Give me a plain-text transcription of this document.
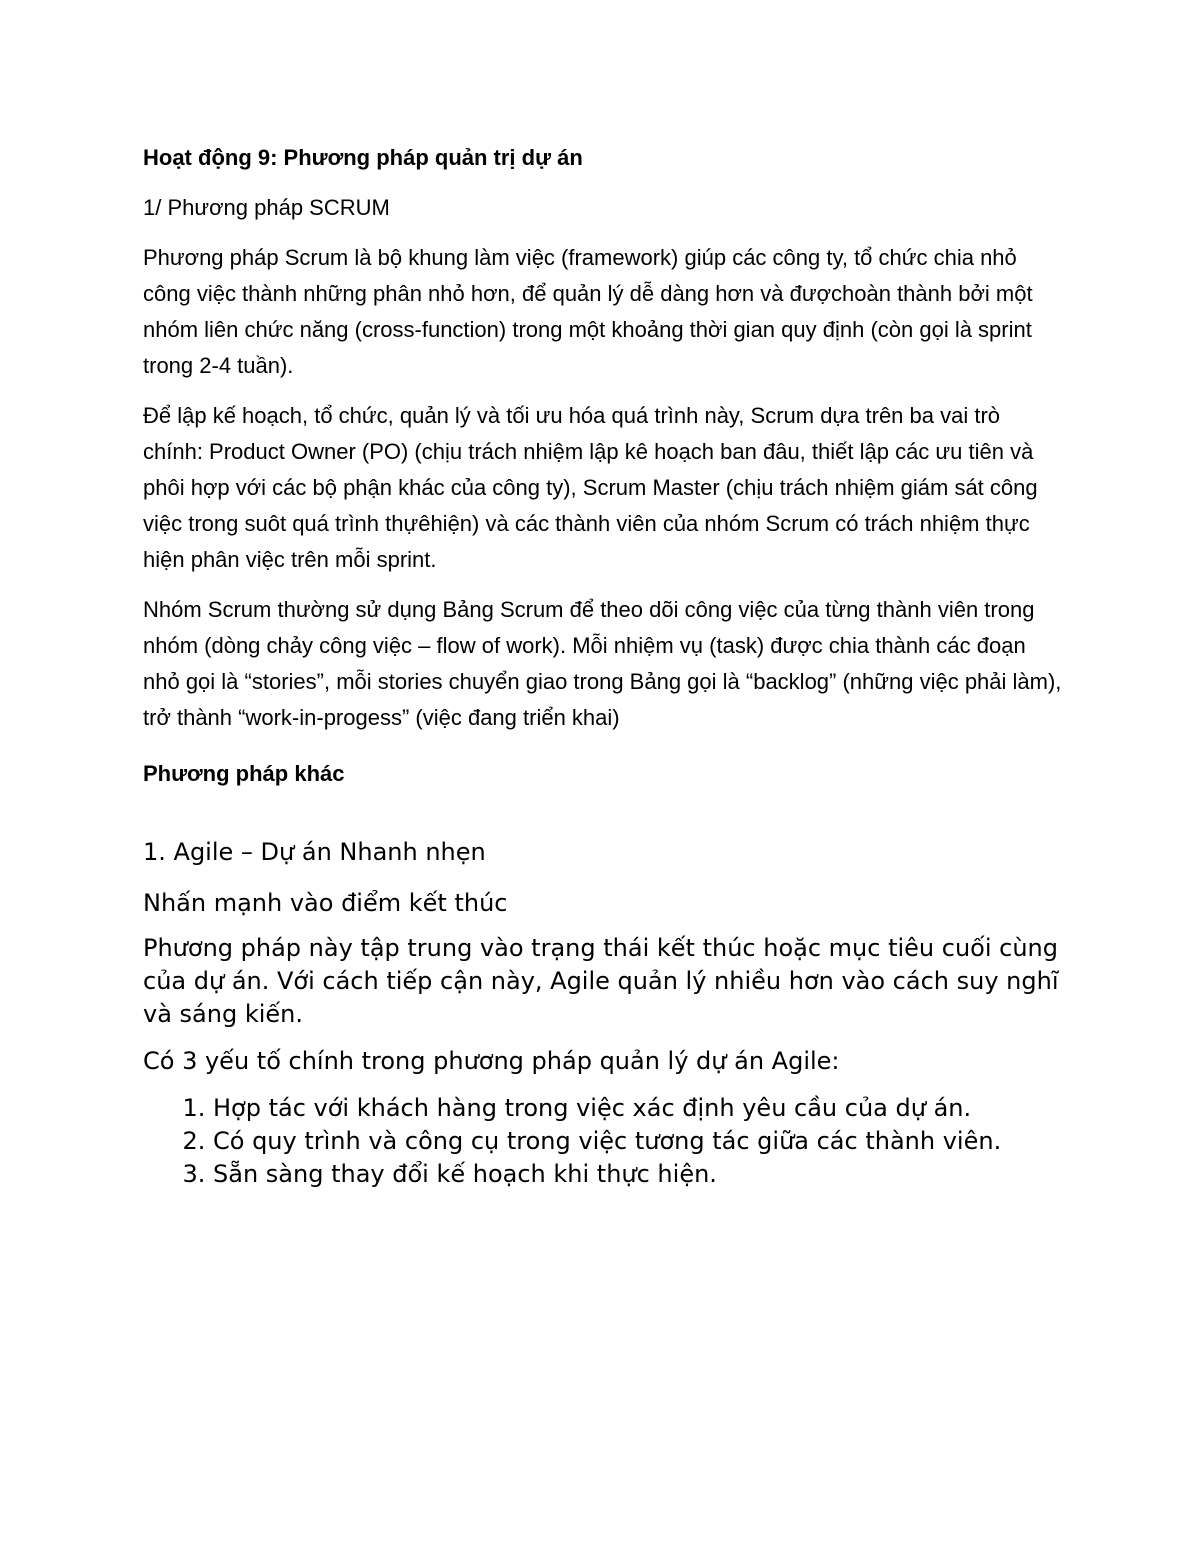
Hoạt động 9: Phương pháp quản trị dự án
1/ Phương pháp SCRUM
Phương pháp Scrum là bộ khung làm việc (framework) giúp các công ty, tổ chức chia nhỏ công việc thành những phân nhỏ hơn, để quản lý dễ dàng hơn và đượchoàn thành bởi một nhóm liên chức năng (cross-function) trong một khoảng thời gian quy định (còn gọi là sprint trong 2-4 tuần).
Để lập kế hoạch, tổ chức, quản lý và tối ưu hóa quá trình này, Scrum dựa trên ba vai trò chính: Product Owner (PO) (chịu trách nhiệm lập kê hoạch ban đâu, thiết lập các ưu tiên và phôi hợp với các bộ phận khác của công ty), Scrum Master (chịu trách nhiệm giám sát công việc trong suôt quá trình thựêhiện) và các thành viên của nhóm Scrum có trách nhiệm thực hiện phân việc trên mỗi sprint.
Nhóm Scrum thường sử dụng Bảng Scrum để theo dõi công việc của từng thành viên trong nhóm (dòng chảy công việc – flow of work). Mỗi nhiệm vụ (task) được chia thành các đoạn nhỏ gọi là “stories”, mỗi stories chuyển giao trong Bảng gọi là “backlog” (những việc phải làm), trở thành “work-in-progess” (việc đang triển khai)
Phương pháp khác
1. Agile – Dự án Nhanh nhẹn
Nhấn mạnh vào điểm kết thúc
Phương pháp này tập trung vào trạng thái kết thúc hoặc mục tiêu cuối cùng của dự án. Với cách tiếp cận này, Agile quản lý nhiều hơn vào cách suy nghĩ và sáng kiến.
Có 3 yếu tố chính trong phương pháp quản lý dự án Agile:
1. Hợp tác với khách hàng trong việc xác định yêu cầu của dự án.
2. Có quy trình và công cụ trong việc tương tác giữa các thành viên.
3. Sẵn sàng thay đổi kế hoạch khi thực hiện.
